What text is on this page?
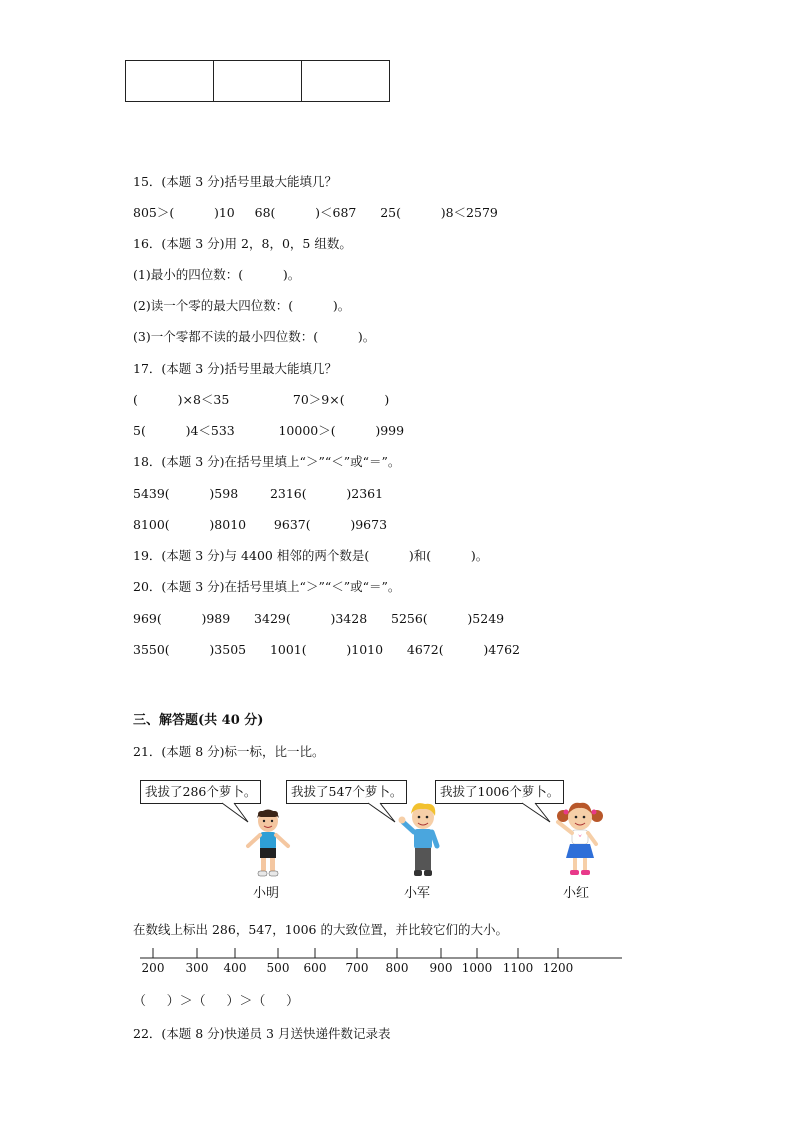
15．(本题 3 分)括号里最大能填几？
805＞(          )10     68(          )＜687      25(          )8＜2579
16．(本题 3 分)用 2，8，0，5 组数。
(1)最小的四位数：(          )。
(2)读一个零的最大四位数：(          )。
(3)一个零都不读的最小四位数：(          )。
17．(本题 3 分)括号里最大能填几？
(          )×8＜35                70＞9×(          )
5(          )4＜533           10000＞(          )999
18．(本题 3 分)在括号里填上“＞”“＜”或“＝”。
5439(          )598        2316(          )2361
8100(          )8010       9637(          )9673
19．(本题 3 分)与 4400 相邻的两个数是(          )和(          )。
20．(本题 3 分)在括号里填上“＞”“＜”或“＝”。
969(          )989      3429(          )3428      5256(          )5249
3550(          )3505      1001(          )1010      4672(          )4762
三、解答题(共 40 分)
21．(本题 8 分)标一标，比一比。
我拔了286个萝卜。	我拔了547个萝卜。	我拔了1006个萝卜。
小明	小军	小红
在数线上标出 286，547，1006 的大致位置，并比较它们的大小。
200 300 400 500 600 700 800 900 1000 1100 1200
（     ）＞（     ）＞（     ）
22．(本题 8 分)快递员 3 月送快递件数记录表
